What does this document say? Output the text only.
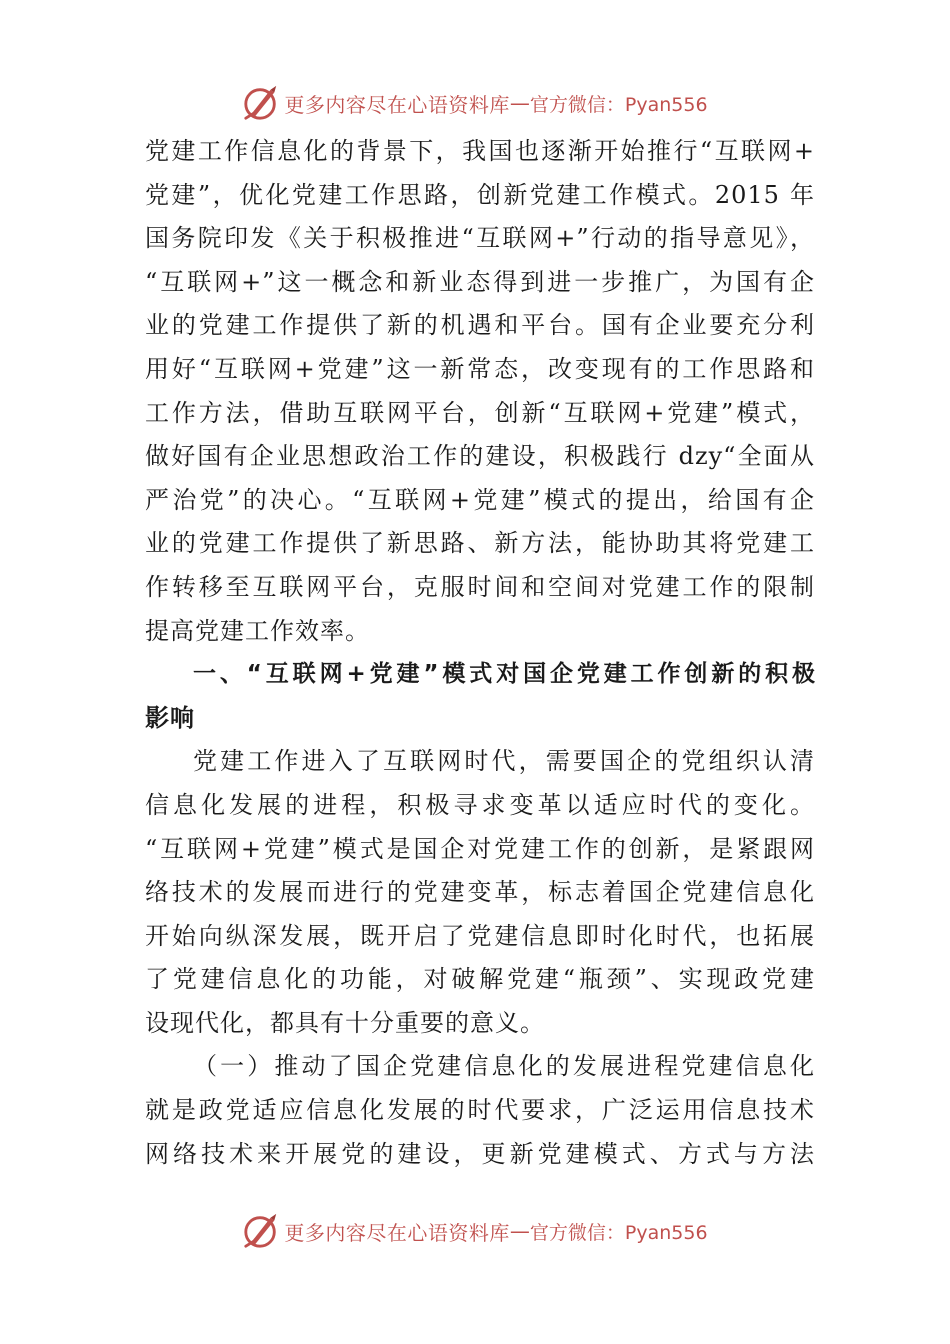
更多内容尽在心语资料库 — 官方微信：Pyan556
党建工作信息化的背景下，我国也逐渐开始推行“互联网+
党建”，优化党建工作思路，创新党建工作模式。2015 年
国务院印发《关于积极推进“互联网+”行动的指导意见》，
“互联网+”这一概念和新业态得到进一步推广，为国有企
业的党建工作提供了新的机遇和平台。国有企业要充分利
用好“互联网+党建”这一新常态，改变现有的工作思路和
工作方法，借助互联网平台，创新“互联网+党建”模式，
做好国有企业思想政治工作的建设，积极践行 dzy“全面从
严治党”的决心。“互联网+党建”模式的提出，给国有企
业的党建工作提供了新思路、新方法，能协助其将党建工
作转移至互联网平台，克服时间和空间对党建工作的限制
提高党建工作效率。
一、“互联网+党建”模式对国企党建工作创新的积极
影响
党建工作进入了互联网时代，需要国企的党组织认清
信息化发展的进程，积极寻求变革以适应时代的变化。
“互联网+党建”模式是国企对党建工作的创新，是紧跟网
络技术的发展而进行的党建变革，标志着国企党建信息化
开始向纵深发展，既开启了党建信息即时化时代，也拓展
了党建信息化的功能，对破解党建“瓶颈”、实现政党建
设现代化，都具有十分重要的意义。
（一）推动了国企党建信息化的发展进程党建信息化
就是政党适应信息化发展的时代要求，广泛运用信息技术
网络技术来开展党的建设，更新党建模式、方式与方法
更多内容尽在心语资料库 — 官方微信：Pyan556
